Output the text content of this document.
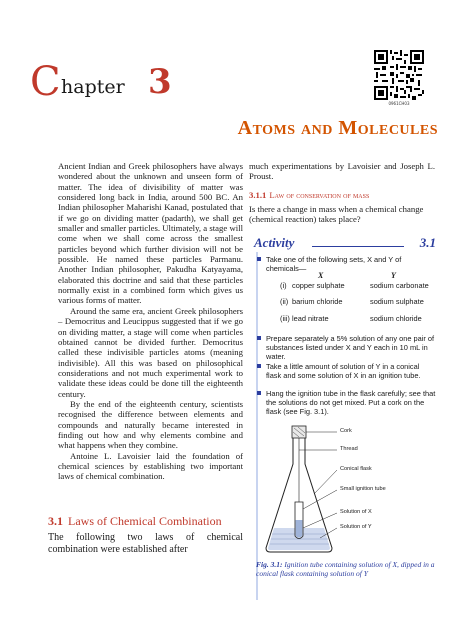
0961CH03
C hapter 3
Atoms and Molecules

Ancient Indian and Greek philosophers have always wondered about the unknown and unseen form of matter. The idea of divisibility of matter was considered long back in India, around 500 BC. An Indian philosopher Maharishi Kanad, postulated that if we go on dividing matter (padarth), we shall get smaller and smaller particles. Ultimately, a stage will come when we shall come across the smallest particles beyond which further division will not be possible. He named these particles Parmanu. Another Indian philosopher, Pakudha Katyayama, elaborated this doctrine and said that these particles normally exist in a combined form which gives us various forms of matter.

Around the same era, ancient Greek philosophers – Democritus and Leucippus suggested that if we go on dividing matter, a stage will come when particles obtained cannot be divided further. Democritus called these indivisible particles atoms (meaning indivisible). All this was based on philosophical considerations and not much experimental work to validate these ideas could be done till the eighteenth century.

By the end of the eighteenth century, scientists recognised the difference between elements and compounds and naturally became interested in finding out how and why elements combine and what happens when they combine.

Antoine L. Lavoisier laid the foundation of chemical sciences by establishing two important laws of chemical combination.

3.1 Laws of Chemical Combination
The following two laws of chemical combination were established after
much experimentations by Lavoisier and Joseph L. Proust.
3.1.1 Law of conservation of mass
Is there a change in mass when a chemical change (chemical reaction) takes place?
Activity	3.1
Take one of the following sets, X and Y of chemicals—
X	Y
(i) copper sulphate	sodium carbonate
(ii) barium chloride	sodium sulphate
(iii) lead nitrate	sodium chloride
Prepare separately a 5% solution of any one pair of substances listed under X and Y each in 10 mL in water.
Take a little amount of solution of Y in a conical flask and some solution of X in an ignition tube.
Hang the ignition tube in the flask carefully; see that the solutions do not get mixed. Put a cork on the flask (see Fig. 3.1).
Cork
Thread
Conical flask
Small ignition tube
Solution of X
Solution of Y
Fig. 3.1: Ignition tube containing solution of X, dipped in a conical flask containing solution of Y
